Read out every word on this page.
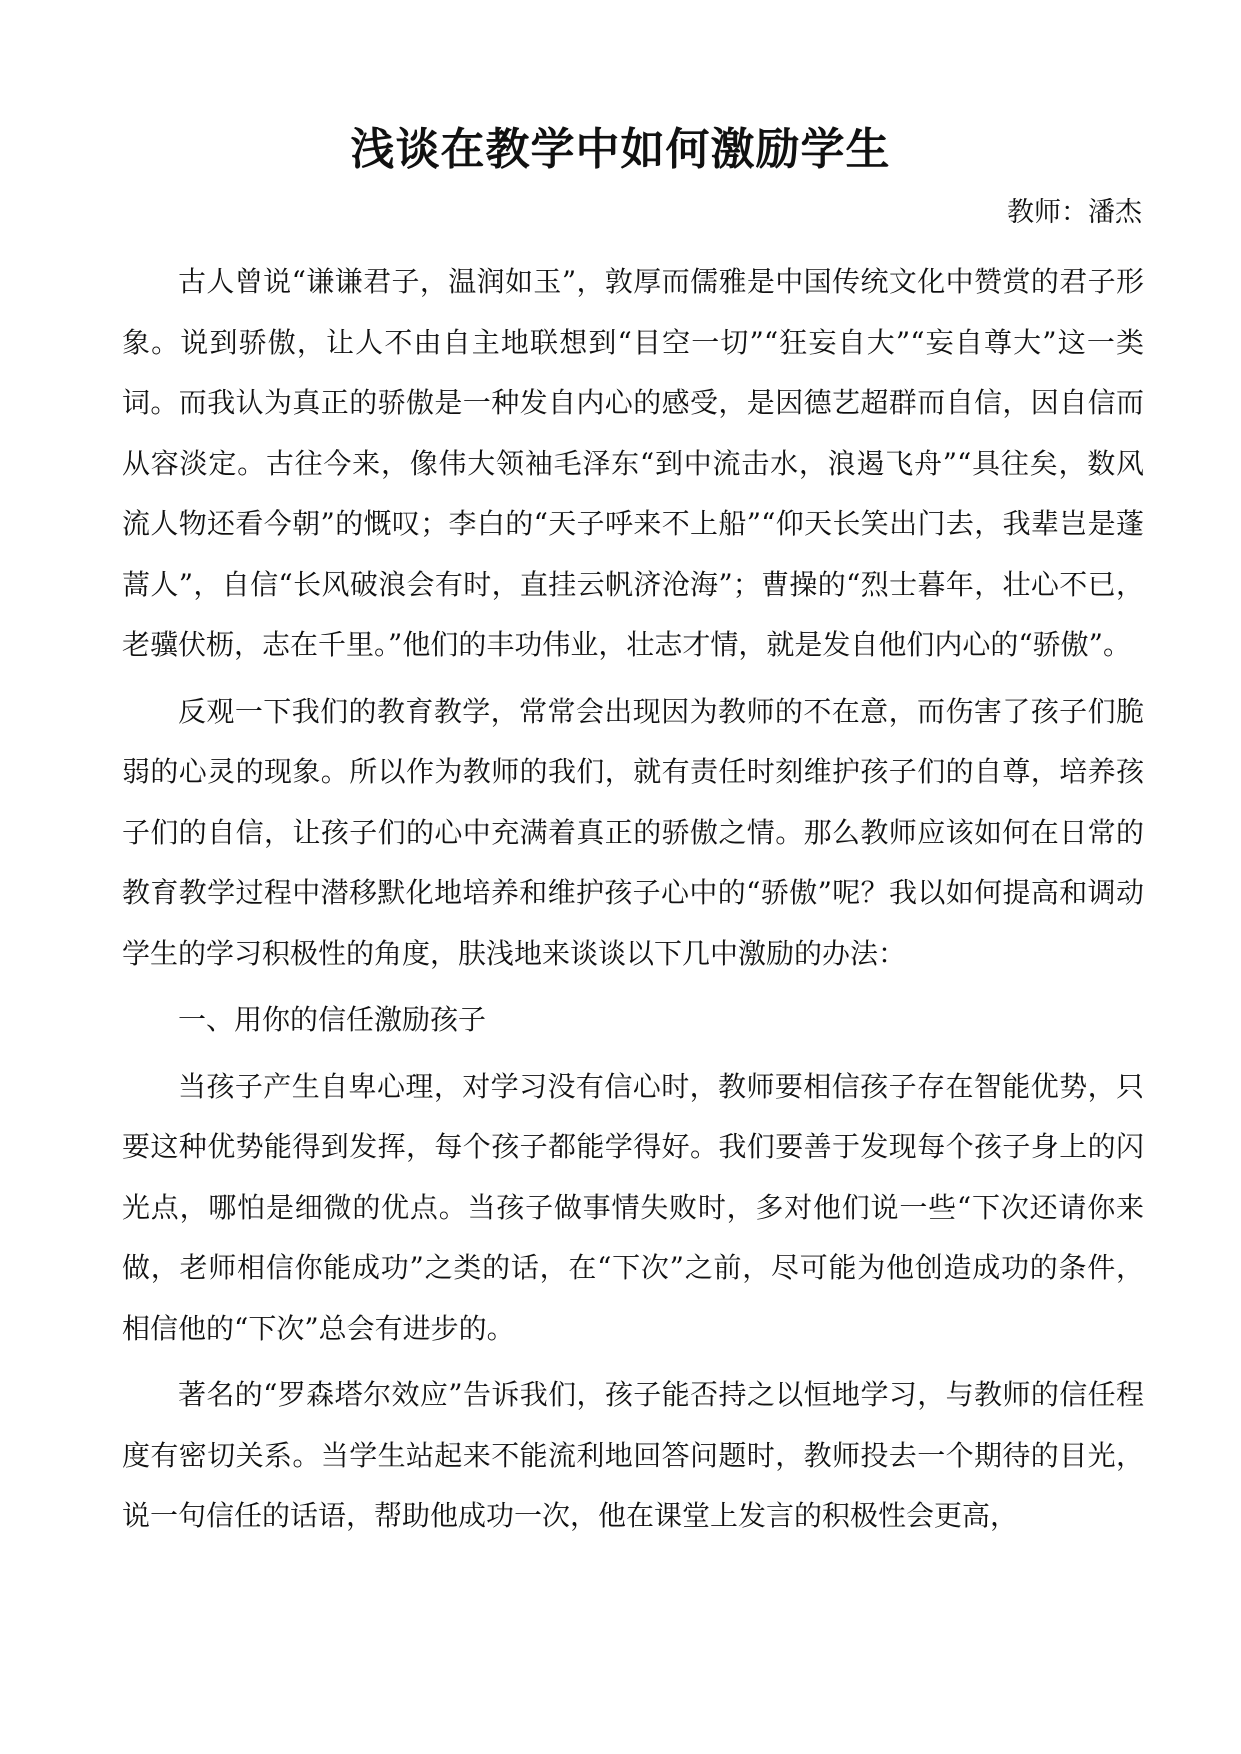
浅谈在教学中如何激励学生
教师：潘杰

古人曾说“谦谦君子，温润如玉”，敦厚而儒雅是中国传统文化中赞赏的君子形象。说到骄傲，让人不由自主地联想到“目空一切”“狂妄自大”“妄自尊大”这一类词。而我认为真正的骄傲是一种发自内心的感受，是因德艺超群而自信，因自信而从容淡定。古往今来，像伟大领袖毛泽东“到中流击水，浪遏飞舟”“具往矣，数风流人物还看今朝”的慨叹；李白的“天子呼来不上船”“仰天长笑出门去，我辈岂是蓬蒿人”，自信“长风破浪会有时，直挂云帆济沧海”；曹操的“烈士暮年，壮心不已，老骥伏枥，志在千里。”他们的丰功伟业，壮志才情，就是发自他们内心的“骄傲”。

反观一下我们的教育教学，常常会出现因为教师的不在意，而伤害了孩子们脆弱的心灵的现象。所以作为教师的我们，就有责任时刻维护孩子们的自尊，培养孩子们的自信，让孩子们的心中充满着真正的骄傲之情。那么教师应该如何在日常的教育教学过程中潜移默化地培养和维护孩子心中的“骄傲”呢？我以如何提高和调动学生的学习积极性的角度，肤浅地来谈谈以下几中激励的办法：

一、用你的信任激励孩子

当孩子产生自卑心理，对学习没有信心时，教师要相信孩子存在智能优势，只要这种优势能得到发挥，每个孩子都能学得好。我们要善于发现每个孩子身上的闪光点，哪怕是细微的优点。当孩子做事情失败时，多对他们说一些“下次还请你来做，老师相信你能成功”之类的话，在“下次”之前，尽可能为他创造成功的条件，相信他的“下次”总会有进步的。

著名的“罗森塔尔效应”告诉我们，孩子能否持之以恒地学习，与教师的信任程度有密切关系。当学生站起来不能流利地回答问题时，教师投去一个期待的目光，说一句信任的话语，帮助他成功一次，他在课堂上发言的积极性会更高，
